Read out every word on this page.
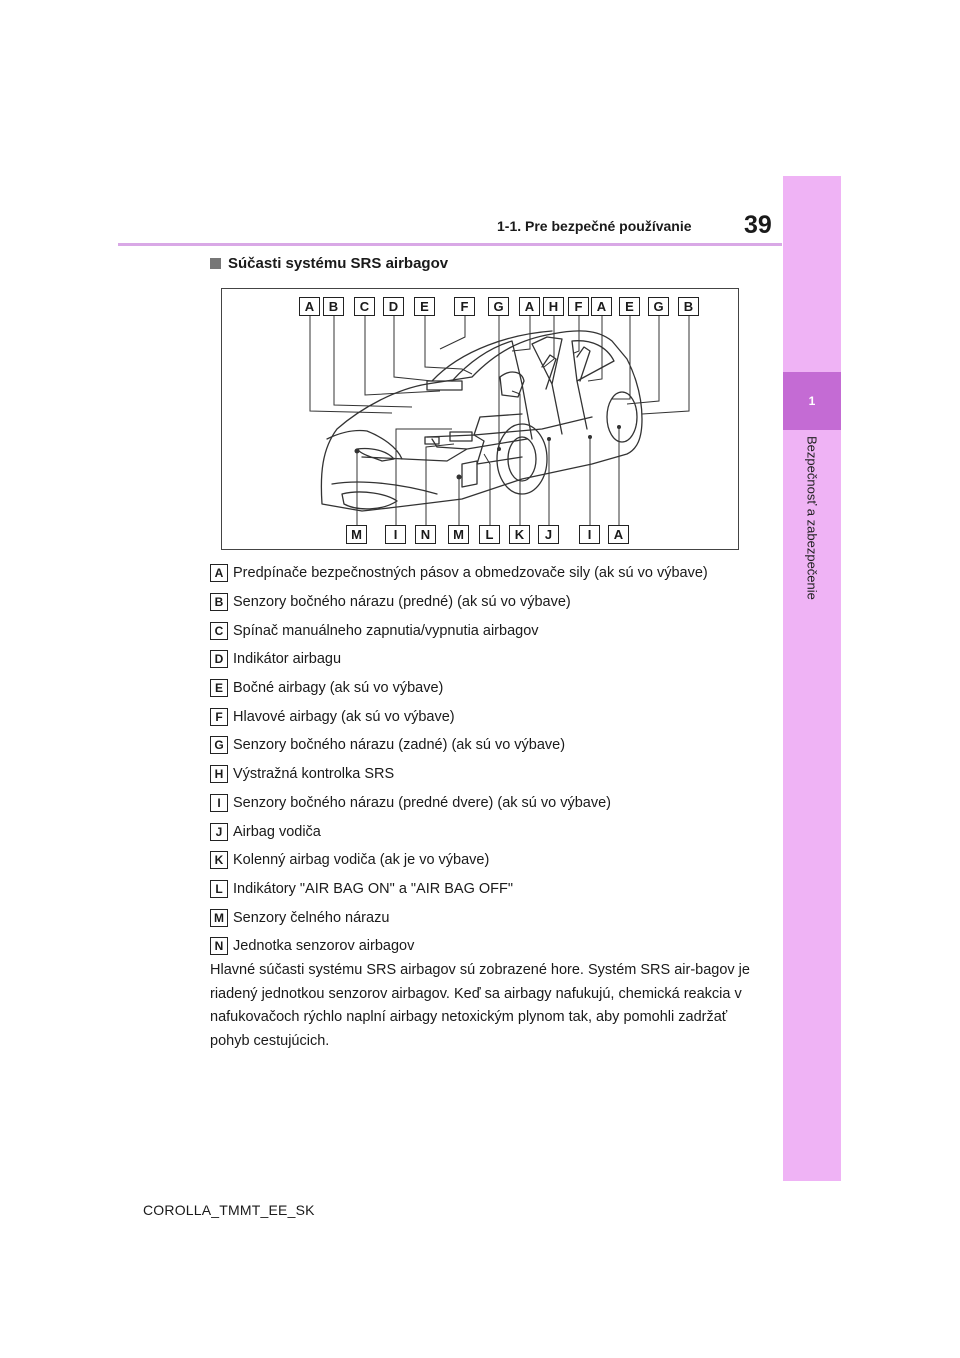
1-1. Pre bezpečné používanie 39
1
Bezpečnosť a zabezpečenie
Súčasti systému SRS airbagov
A	B	C	D	E	F	G	A	H	F	A	E	G	B
M	I	N	M	L	K	J	I	A
A Predpínače bezpečnostných pásov a obmedzovače sily (ak sú vo výbave)
B Senzory bočného nárazu (predné) (ak sú vo výbave)
C Spínač manuálneho zapnutia/vypnutia airbagov
D Indikátor airbagu
E Bočné airbagy (ak sú vo výbave)
F Hlavové airbagy (ak sú vo výbave)
G Senzory bočného nárazu (zadné) (ak sú vo výbave)
H Výstražná kontrolka SRS
I Senzory bočného nárazu (predné dvere) (ak sú vo výbave)
J Airbag vodiča
K Kolenný airbag vodiča (ak je vo výbave)
L Indikátory "AIR BAG ON" a "AIR BAG OFF"
M Senzory čelného nárazu
N Jednotka senzorov airbagov
Hlavné súčasti systému SRS airbagov sú zobrazené hore. Systém SRS air-bagov je riadený jednotkou senzorov airbagov. Keď sa airbagy nafukujú, chemická reakcia v nafukovačoch rýchlo naplní airbagy netoxickým plynom tak, aby pomohli zadržať pohyb cestujúcich.
COROLLA_TMMT_EE_SK
